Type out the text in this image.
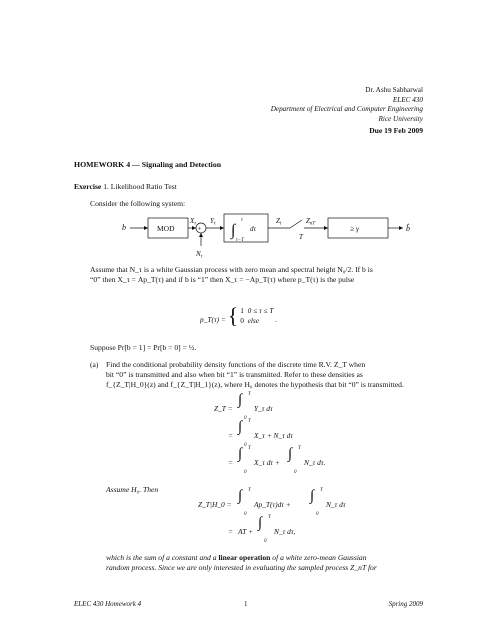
Dr. Ashu Sabharwal
ELEC 430
Department of Electrical and Computer Engineering
Rice University
Due 19 Feb 2009
HOMEWORK 4 — Signaling and Detection
Exercise 1. Likelihood Ratio Test
Consider the following system:
+
b	MOD
$X_\tau$ $Y_\tau$
$N_\tau$
∫
τ
τ−T
dτ
$Z_t$
T
$Z_{nT}$	≥ γ	b̂
Assume that N_τ is a white Gaussian process with zero mean and spectral height N₀/2. If b is
“0” then X_τ = Ap_T(τ) and if b is “1” then X_τ = −Ap_T(τ) where p_T(τ) is the pulse
p_T(τ) = { 1 0 ≤ τ ≤ T
0 else	.
Suppose Pr[b = 1] = Pr[b = 0] = ½.
(a) Find the conditional probability density functions of the discrete time R.V. Z_T when
bit “0” is transmitted and also when bit “1” is transmitted. Refer to these densities as
f_{Z_T|H_0}(z) and f_{Z_T|H_1}(z), where H₀ denotes the hypothesis that bit “0” is transmitted.
Z_T =
∫ T
0
Y_τ dτ
=
∫ T
0
X_τ + N_τ dτ
=
∫ T
0
X_τ dτ +
∫ T
0
N_τ dτ.
Assume H₀. Then
Z_T|H_0 =
∫ T
0
Ap_T(τ)dτ +
∫ T
0
N_τ dτ
= AT +
∫ T
0
N_τ dτ,
which is the sum of a constant and a linear operation of a white zero-mean Gaussian
random process. Since we are only interested in evaluating the sampled process Z_nT for
ELEC 430 Homework 4	1	Spring 2009
